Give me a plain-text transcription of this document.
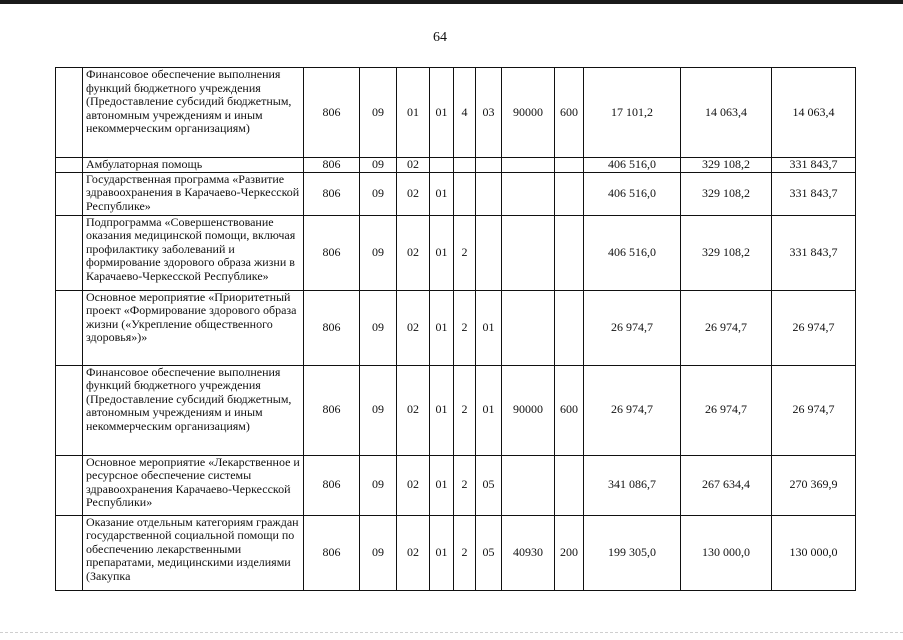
64
	Финансовое обеспечение выполнения функций бюджетного учреждения (Предоставление субсидий бюджетным, автономным учреждениям и иным некоммерческим организациям)	806	09	01	01	4	03	90000	600	17 101,2	14 063,4	14 063,4
	Амбулаторная помощь	806	09	02						406 516,0	329 108,2	331 843,7
	Государственная программа «Развитие здравоохранения в Карачаево-Черкесской Республике»	806	09	02	01					406 516,0	329 108,2	331 843,7
	Подпрограмма «Совершенствование оказания медицинской помощи, включая профилактику заболеваний и формирование здорового образа жизни в Карачаево-Черкесской Республике»	806	09	02	01	2				406 516,0	329 108,2	331 843,7
	Основное мероприятие «Приоритетный проект «Формирование здорового образа жизни («Укрепление общественного здоровья»)»	806	09	02	01	2	01			26 974,7	26 974,7	26 974,7
	Финансовое обеспечение выполнения функций бюджетного учреждения (Предоставление субсидий бюджетным, автономным учреждениям и иным некоммерческим организациям)	806	09	02	01	2	01	90000	600	26 974,7	26 974,7	26 974,7
	Основное мероприятие «Лекарственное и ресурсное обеспечение системы здравоохранения Карачаево-Черкесской Республики»	806	09	02	01	2	05			341 086,7	267 634,4	270 369,9
	Оказание отдельным категориям граждан государственной социальной помощи по обеспечению лекарственными препаратами, медицинскими изделиями (Закупка	806	09	02	01	2	05	40930	200	199 305,0	130 000,0	130 000,0
